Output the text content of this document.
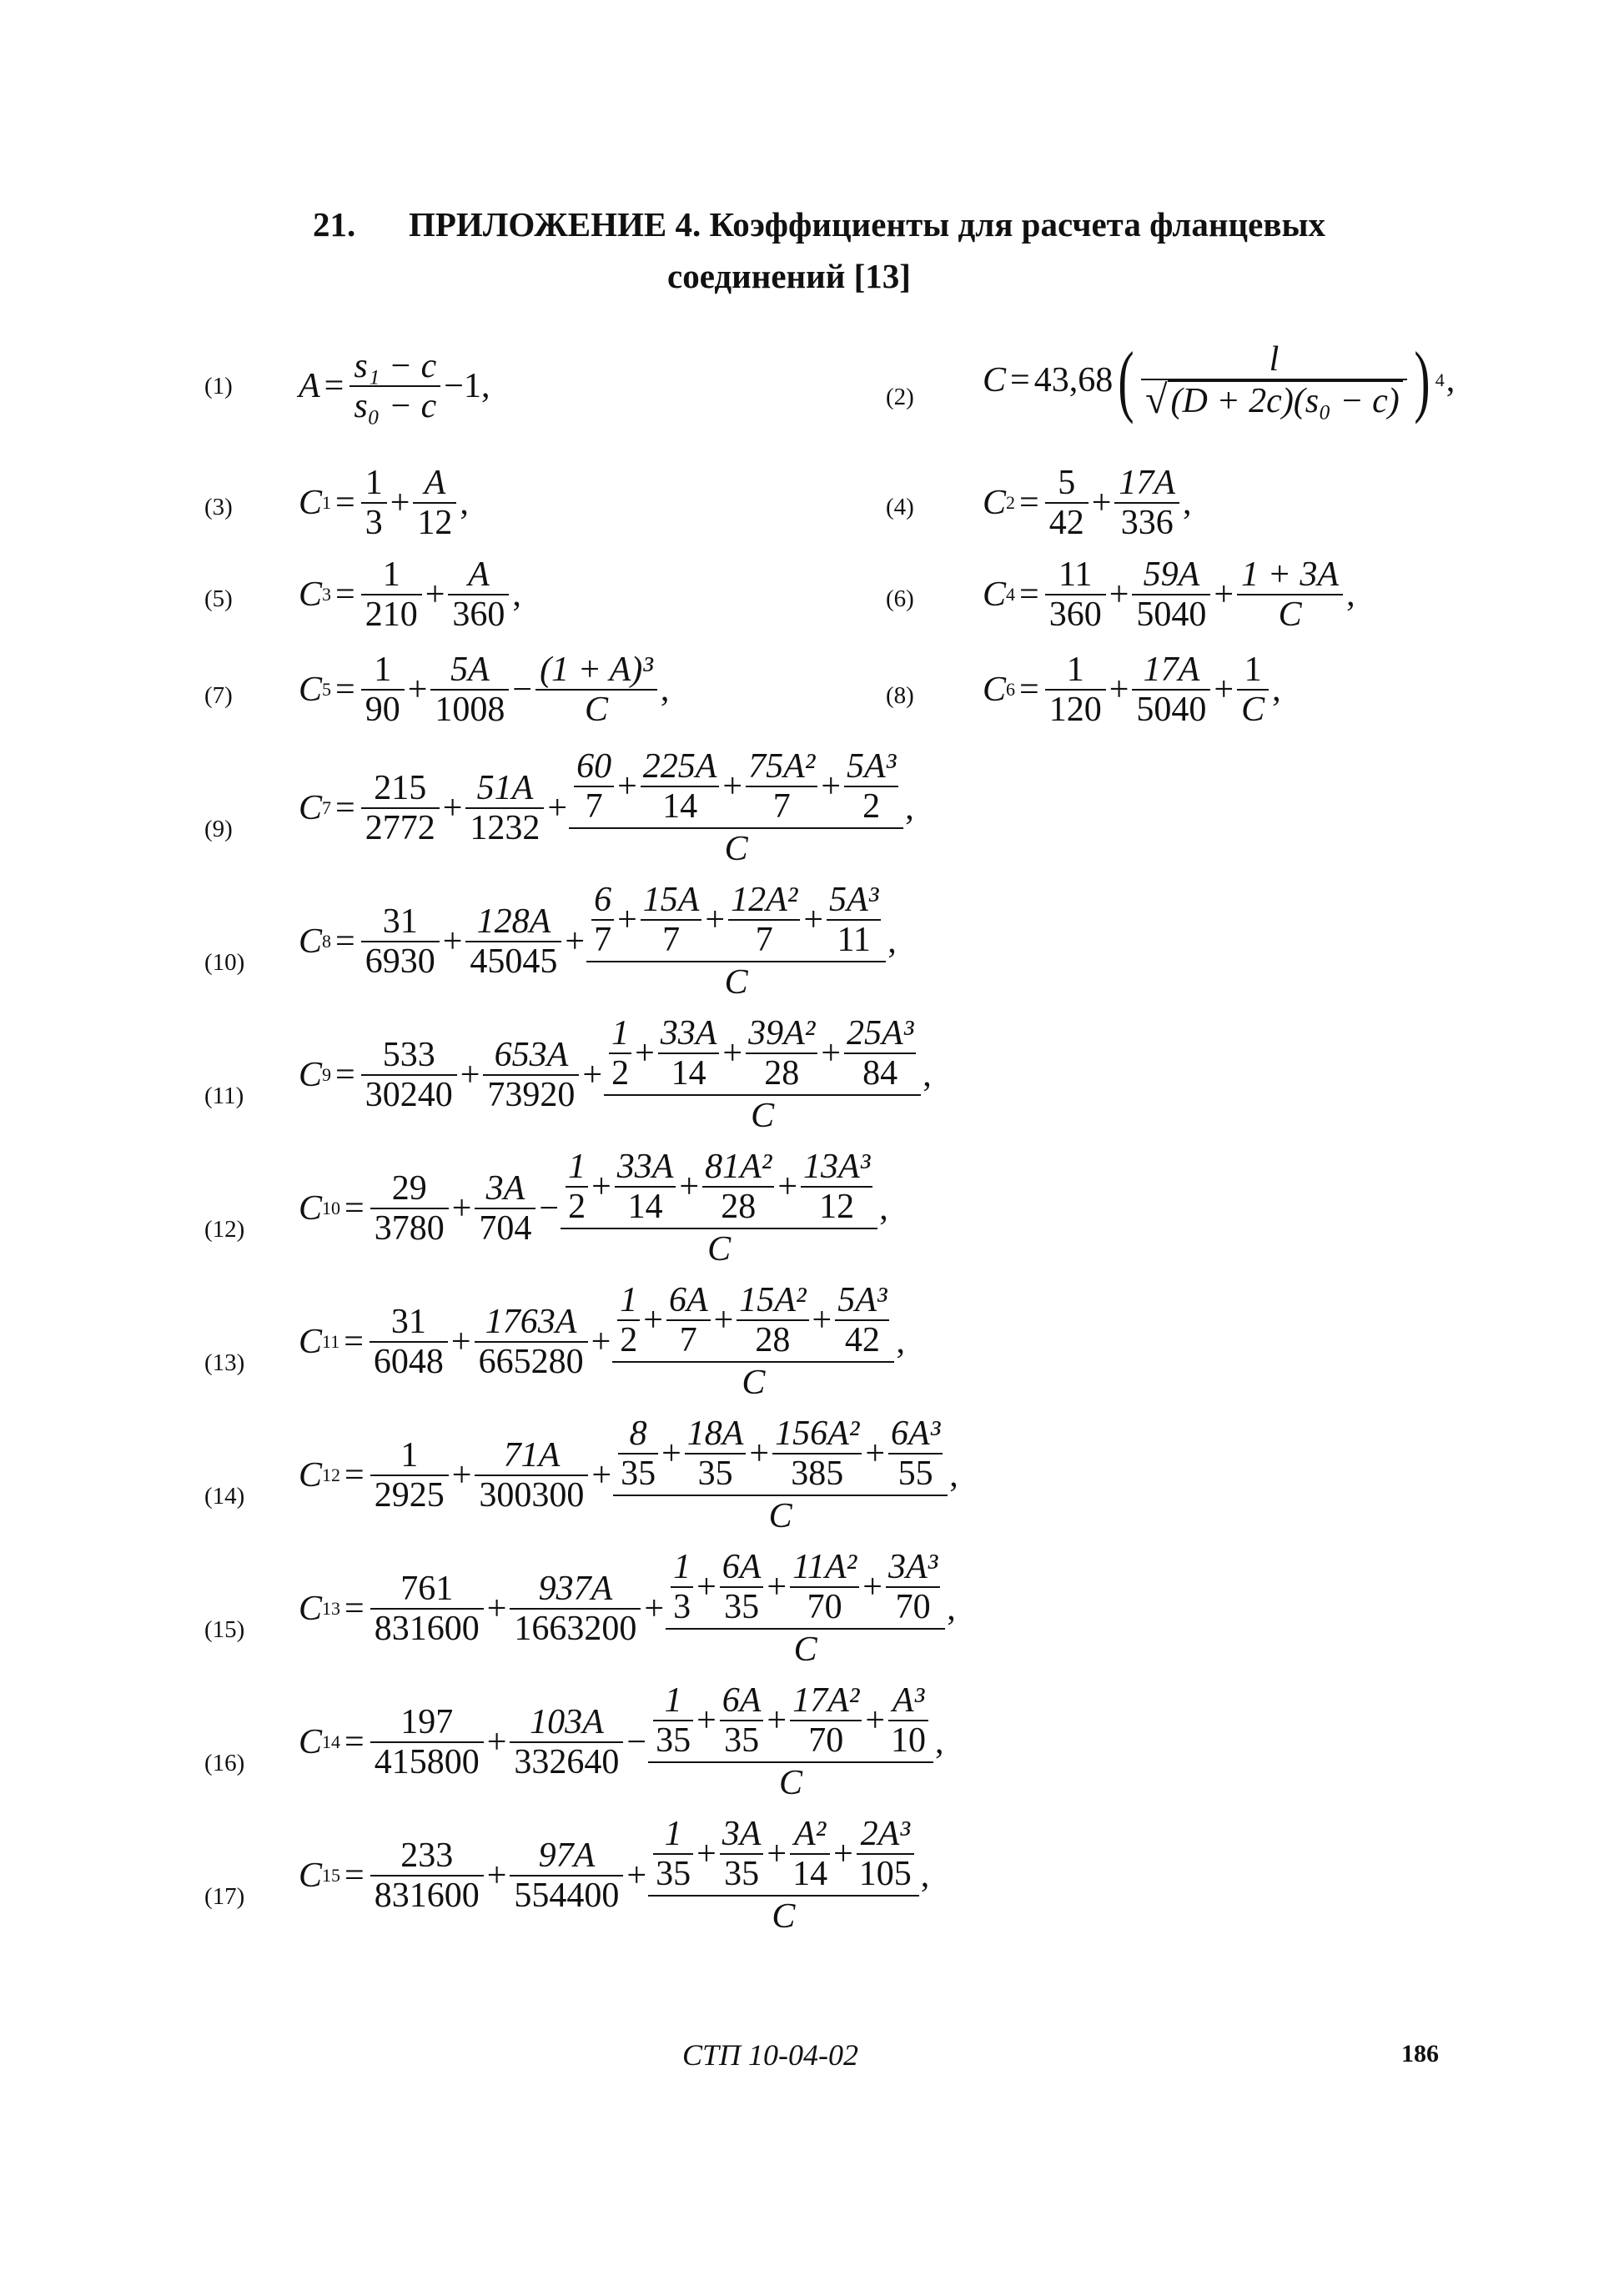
21. ПРИЛОЖЕНИЕ 4. Коэффициенты для расчета фланцевых
соединений [13]
(1) $A = \frac{\text{s₁ − c}}{\text{s₀ − c}} -1$,	(2) C = 43,68 ( $\frac{l}{\text{√ (D + 2c)(s₀ − c)}}$ ) 4 ,
(3) C $1 = \frac{1}{3} + \frac{A}{12}$ ,	(4) C $2 = \frac{5}{42} + \frac{17A}{336}$ ,
(5) C $3 = \frac{1}{210} + \frac{A}{360}$ ,	(6) C $4 = \frac{11}{360} + \frac{59A}{5040} + \frac{1 + 3A}{C}$ ,
(7) C $5 = \frac{1}{90} + \frac{5A}{1008} - \frac{\text{(1 + A)³}}{C}$ ,	(8) C $6 = \frac{1}{120} + \frac{17A}{5040} + \frac{1}{C}$ ,
(9)
C $7 = \frac{215}{2772} + \frac{51A}{1232} + \frac{60}{7} + \frac{225A}{14} + \frac{\text{75A²}}{7} + \frac{\text{5A³}}{2}$
C
,
(10)
C $8 = \frac{31}{6930} + \frac{128A}{45045} + \frac{6}{7} + \frac{15A}{7} + \frac{\text{12A²}}{7} + \frac{\text{5A³}}{11}$
C
,
(11)
C $9 = \frac{533}{30240} + \frac{653A}{73920} + \frac{1}{2} + \frac{33A}{14} + \frac{\text{39A²}}{28} + \frac{\text{25A³}}{84}$
C
,
(12)
C $10 = \frac{29}{3780} + \frac{3A}{704} - \frac{1}{2} + \frac{33A}{14} + \frac{\text{81A²}}{28} + \frac{\text{13A³}}{12}$
C
,
(13)
C $11 = \frac{31}{6048} + \frac{1763A}{665280} + \frac{1}{2} + \frac{6A}{7} + \frac{\text{15A²}}{28} + \frac{\text{5A³}}{42}$
C
,
(14)
C $12 = \frac{1}{2925} + \frac{71A}{300300} + \frac{8}{35} + \frac{18A}{35} + \frac{\text{156A²}}{385} + \frac{\text{6A³}}{55}$
C
,
(15)
C $13 = \frac{761}{831600} + \frac{937A}{1663200} + \frac{1}{3} + \frac{6A}{35} + \frac{\text{11A²}}{70} + \frac{\text{3A³}}{70}$
C
,
(16)
C $14 = \frac{197}{415800} + \frac{103A}{332640} - \frac{1}{35} + \frac{6A}{35} + \frac{\text{17A²}}{70} + \frac{\text{A³}}{10}$
C
,
(17)
C $15 = \frac{233}{831600} + \frac{97A}{554400} + \frac{1}{35} + \frac{3A}{35} + \frac{\text{A²}}{14} + \frac{\text{2A³}}{105}$
C
,
СТП 10-04-02	186
